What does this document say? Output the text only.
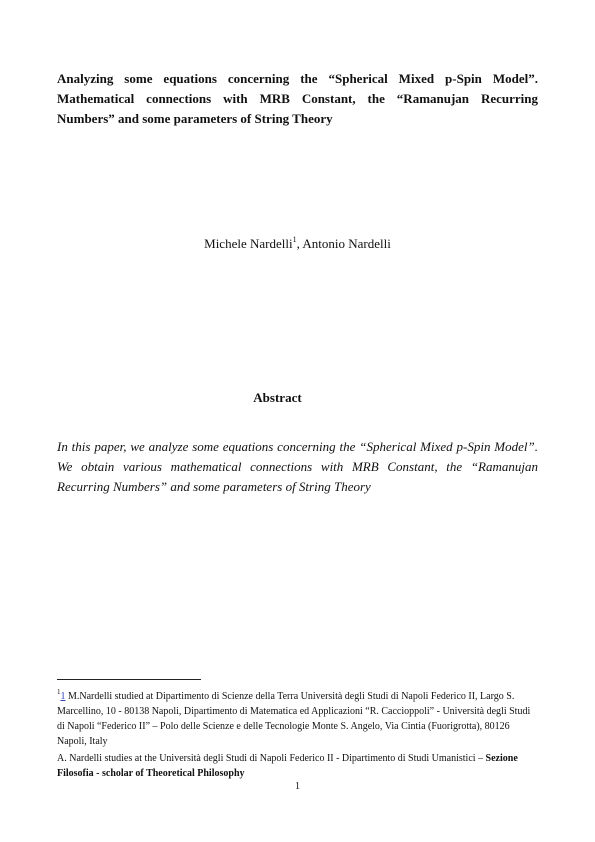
Analyzing some equations concerning the “Spherical Mixed p-Spin Model”. Mathematical connections with MRB Constant, the “Ramanujan Recurring Numbers” and some parameters of String Theory
Michele Nardelli$^1$, Antonio Nardelli
Abstract

In this paper, we analyze some equations concerning the “Spherical Mixed p-Spin Model”. We obtain various mathematical connections with MRB Constant, the “Ramanujan Recurring Numbers” and some parameters of String Theory

$^1$1 M.Nardelli studied at Dipartimento di Scienze della Terra Università degli Studi di Napoli Federico II, Largo S. Marcellino, 10 - 80138 Napoli, Dipartimento di Matematica ed Applicazioni “R. Caccioppoli” - Università degli Studi di Napoli “Federico II” – Polo delle Scienze e delle Tecnologie Monte S. Angelo, Via Cintia (Fuorigrotta), 80126 Napoli, Italy

A. Nardelli studies at the Università degli Studi di Napoli Federico II - Dipartimento di Studi Umanistici – Sezione Filosofia - scholar of Theoretical Philosophy

1
